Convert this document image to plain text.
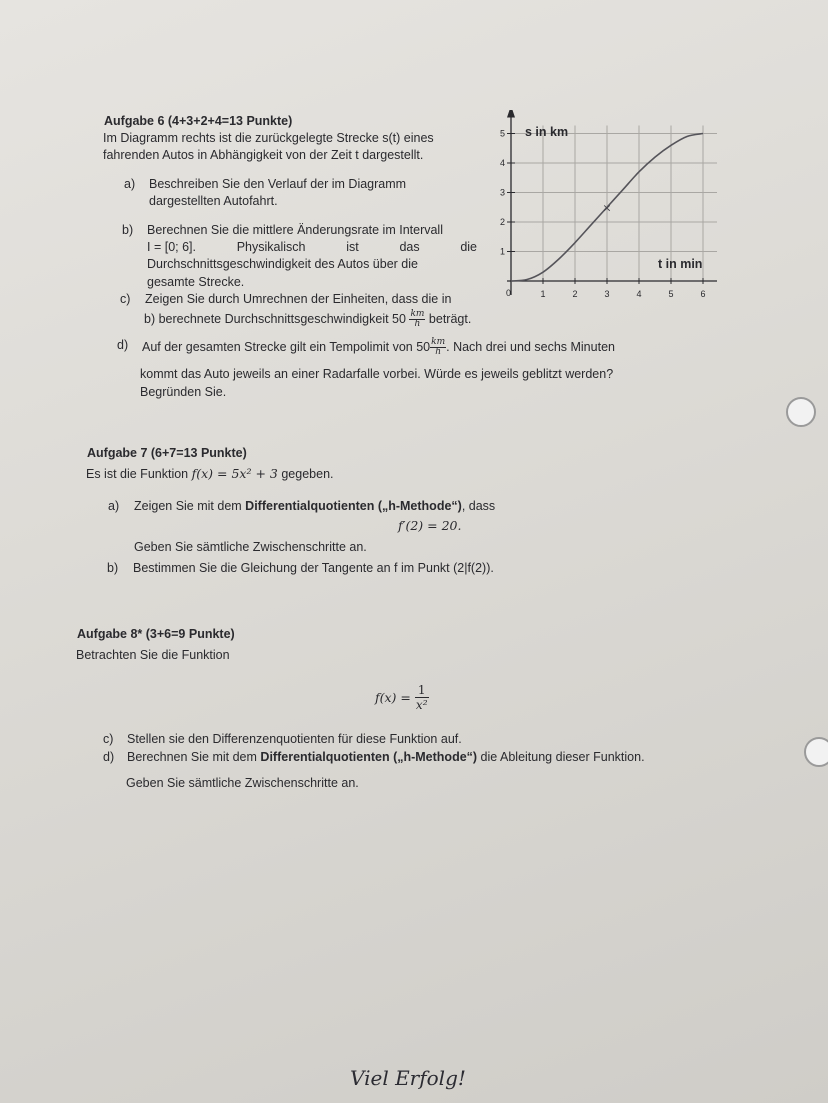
Aufgabe 6 (4+3+2+4=13 Punkte)
Im Diagramm rechts ist die zurückgelegte Strecke s(t) eines
fahrenden Autos in Abhängigkeit von der Zeit t dargestellt.
a) Beschreiben Sie den Verlauf der im Diagramm
dargestellten Autofahrt.
b) Berechnen Sie die mittlere Änderungsrate im Intervall
I = [0; 6].	Physikalisch	ist	das	die
Durchschnittsgeschwindigkeit des Autos über die
gesamte Strecke.
c) Zeigen Sie durch Umrechnen der Einheiten, dass die in
b) berechnete Durchschnittsgeschwindigkeit $50 \frac{km}{h}$ beträgt.
d) Auf der gesamten Strecke gilt ein Tempolimit von $50 \frac{km}{h}$ . Nach drei und sechs Minuten
kommt das Auto jeweils an einer Radarfalle vorbei. Würde es jeweils geblitzt werden?
Begründen Sie.
1	2	3	4	5	6
1
2
3
4
5
×
s in km
t in min
0
Aufgabe 7 (6+7=13 Punkte)
Es ist die Funktion f(x) = 5x² + 3 gegeben.
a) Zeigen Sie mit dem Differentialquotienten („h-Methode“), dass
f′(2) = 20.
Geben Sie sämtliche Zwischenschritte an.
b) Bestimmen Sie die Gleichung der Tangente an f im Punkt (2|f(2)).
Aufgabe 8* (3+6=9 Punkte)
Betrachten Sie die Funktion
$f(x) = \frac{1}{\text{x²}}$
c) Stellen sie den Differenzenquotienten für diese Funktion auf.
d) Berechnen Sie mit dem Differentialquotienten („h-Methode“) die Ableitung dieser Funktion.
Geben Sie sämtliche Zwischenschritte an.
Viel Erfolg!
